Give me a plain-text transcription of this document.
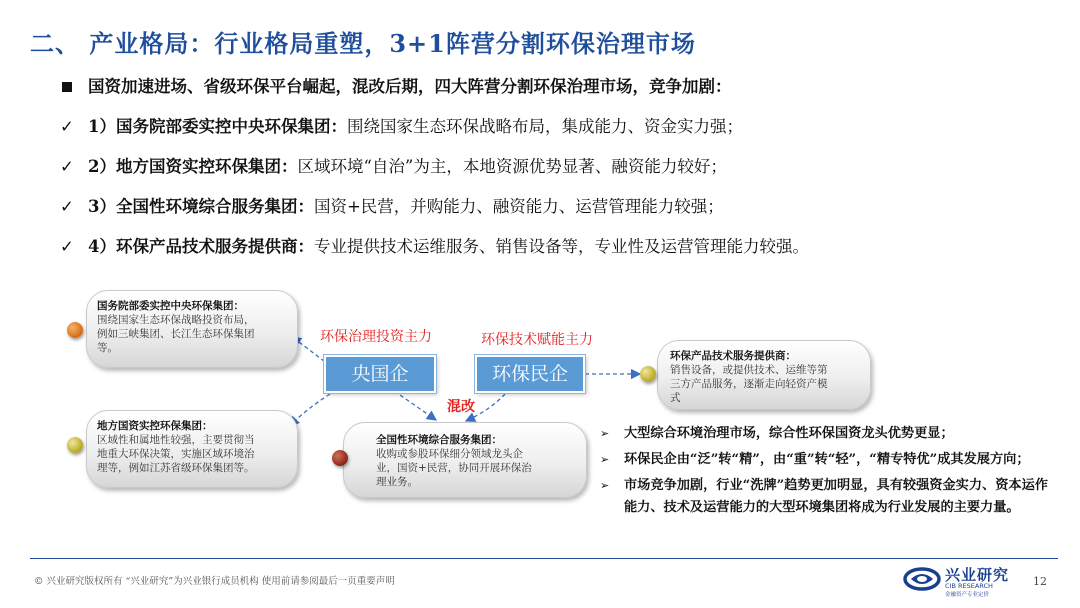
二、 产业格局：行业格局重塑，3+1阵营分割环保治理市场
国资加速进场、省级环保平台崛起，混改后期，四大阵营分割环保治理市场，竞争加剧：
✓ 1）国务院部委实控中央环保集团：围绕国家生态环保战略布局，集成能力、资金实力强；
✓ 2）地方国资实控环保集团：区域环境“自治”为主，本地资源优势显著、融资能力较好；
✓ 3）全国性环境综合服务集团：国资+民营，并购能力、融资能力、运营管理能力较强；
✓ 4）环保产品技术服务提供商：专业提供技术运维服务、销售设备等，专业性及运营管理能力较强。
国务院部委实控中央环保集团：
围绕国家生态环保战略投资布局，
例如三峡集团、长江生态环保集团
等。
地方国资实控环保集团：
区域性和属地性较强，主要贯彻当
地重大环保决策，实施区域环境治
理等，例如江苏省级环保集团等。
全国性环境综合服务集团：
收购或参股环保细分领域龙头企
业，国资+民营，协同开展环保治
理业务。
环保产品技术服务提供商：
销售设备，或提供技术、运维等第
三方产品服务，逐渐走向轻资产模
式
央国企	环保民企
环保治理投资主力	环保技术赋能主力
混改
➢ 大型综合环境治理市场，综合性环保国资龙头优势更显；
➢ 环保民企由“泛”转“精”，由“重”转“轻”，“精专特优”成其发展方向；
➢ 市场竞争加剧，行业“洗牌”趋势更加明显，具有较强资金实力、资本运作能力、技术及运营能力的大型环境集团将成为行业发展的主要力量。
© 兴业研究版权所有 “兴业研究”为兴业银行成员机构 使用前请参阅最后一页重要声明	兴业研究
CIB RESEARCH
金融资产专业定价
12
